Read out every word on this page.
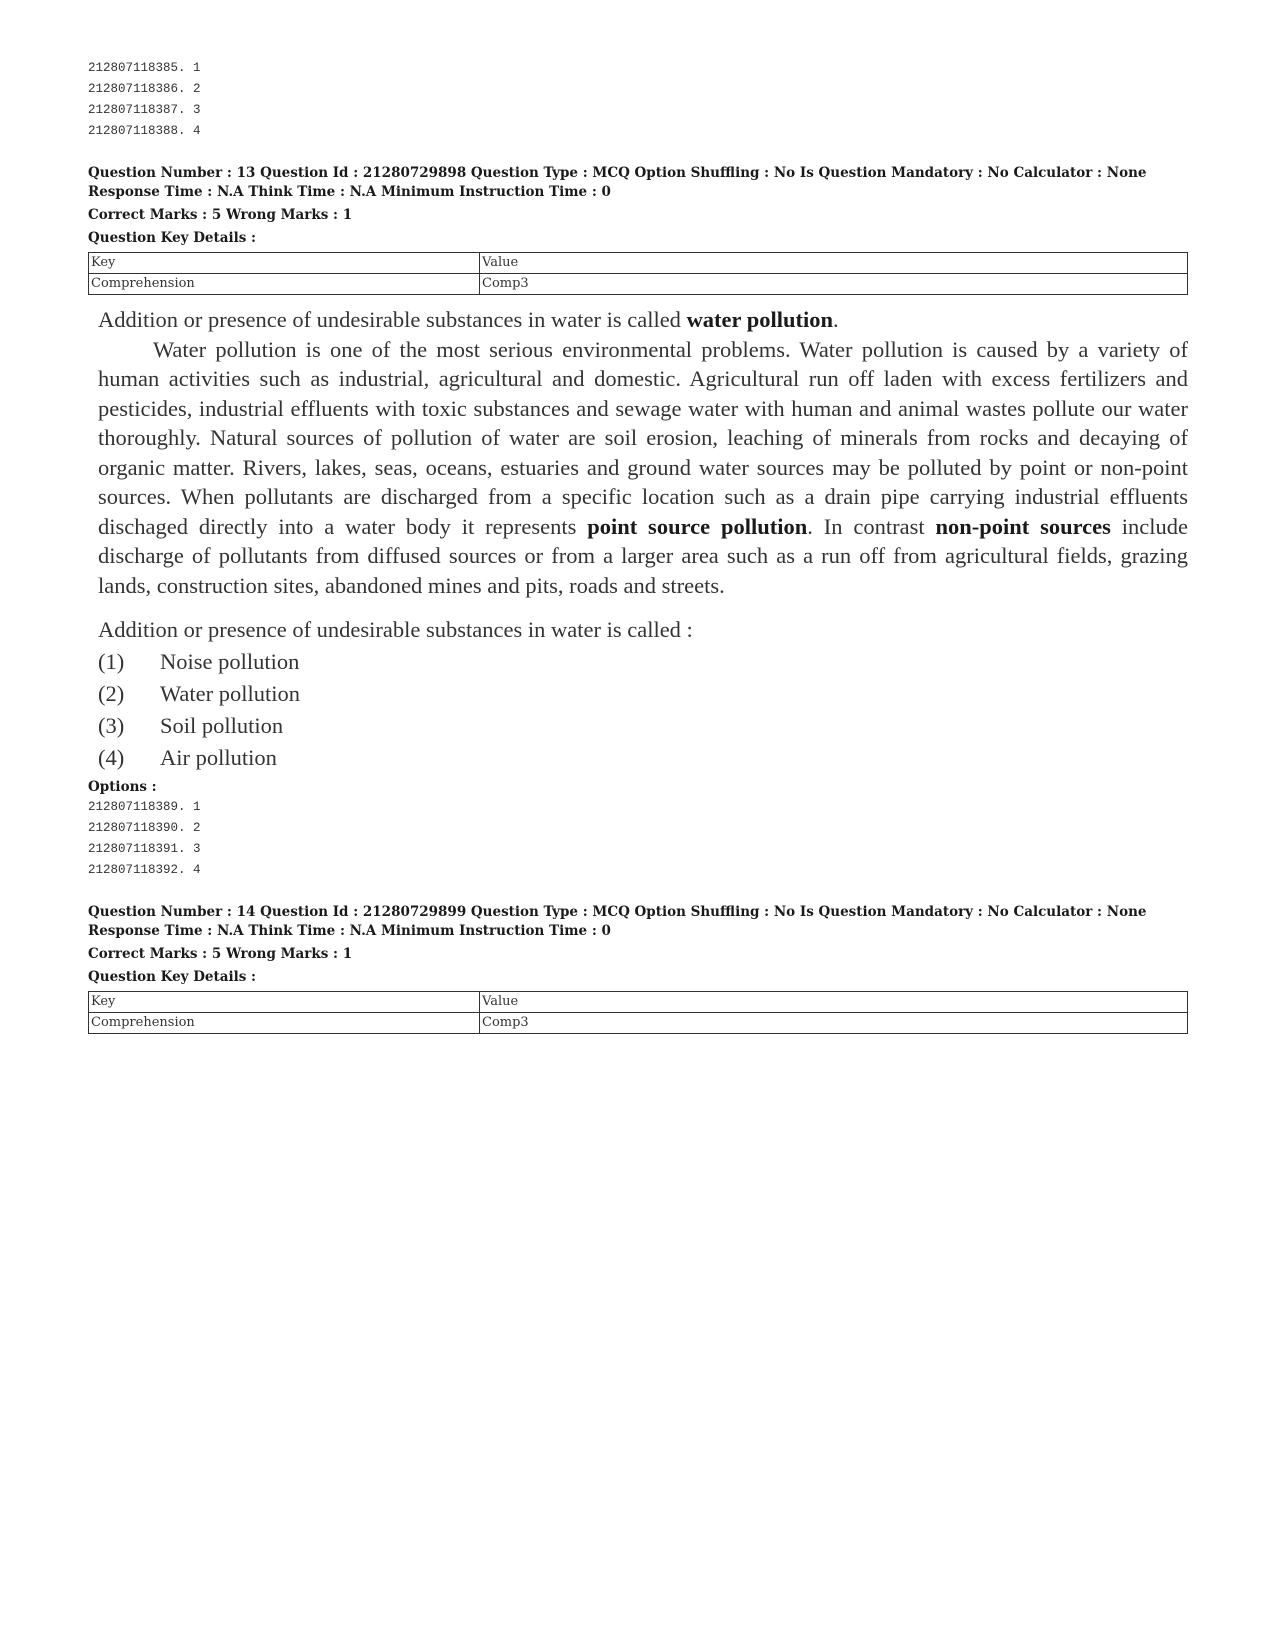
212807118385. 1
212807118386. 2
212807118387. 3
212807118388. 4
Question Number : 13 Question Id : 21280729898 Question Type : MCQ Option Shuffling : No Is Question Mandatory : No Calculator : None
Response Time : N.A Think Time : N.A Minimum Instruction Time : 0
Correct Marks : 5 Wrong Marks : 1
Question Key Details :
Key	Value
Comprehension	Comp3

Addition or presence of undesirable substances in water is called water pollution.

Water pollution is one of the most serious environmental problems. Water pollution is caused by a variety of human activities such as industrial, agricultural and domestic. Agricultural run off laden with excess fertilizers and pesticides, industrial effluents with toxic substances and sewage water with human and animal wastes pollute our water thoroughly. Natural sources of pollution of water are soil erosion, leaching of minerals from rocks and decaying of organic matter. Rivers, lakes, seas, oceans, estuaries and ground water sources may be polluted by point or non-point sources. When pollutants are discharged from a specific location such as a drain pipe carrying industrial effluents dischaged directly into a water body it represents point source pollution. In contrast non-point sources include discharge of pollutants from diffused sources or from a larger area such as a run off from agricultural fields, grazing lands, construction sites, abandoned mines and pits, roads and streets.

Addition or presence of undesirable substances in water is called :
(1)	Noise pollution
(2)	Water pollution
(3)	Soil pollution
(4)	Air pollution
Options :
212807118389. 1
212807118390. 2
212807118391. 3
212807118392. 4
Question Number : 14 Question Id : 21280729899 Question Type : MCQ Option Shuffling : No Is Question Mandatory : No Calculator : None
Response Time : N.A Think Time : N.A Minimum Instruction Time : 0
Correct Marks : 5 Wrong Marks : 1
Question Key Details :
Key	Value
Comprehension	Comp3
